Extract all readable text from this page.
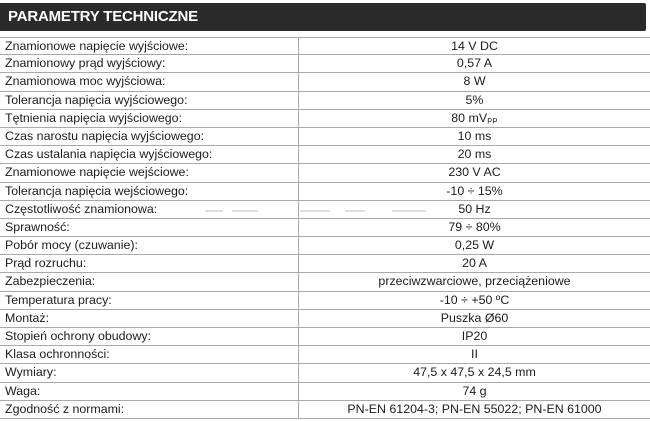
PARAMETRY TECHNICZNE
Znamionowe napięcie wyjściowe:	14 V DC
Znamionowy prąd wyjściowy:	0,57 A
Znamionowa moc wyjściowa:	8 W
Tolerancja napięcia wyjściowego:	5%
Tętnienia napięcia wyjściowego:	80 mVₚₚ
Czas narostu napięcia wyjściowego:	10 ms
Czas ustalania napięcia wyjściowego:	20 ms
Znamionowe napięcie wejściowe:	230 V AC
Tolerancja napięcia wejściowego:	-10 ÷ 15%
Częstotliwość znamionowa:	50 Hz
Sprawność:	79 ÷ 80%
Pobór mocy (czuwanie):	0,25 W
Prąd rozruchu:	20 A
Zabezpieczenia:	przeciwzwarciowe, przeciążeniowe
Temperatura pracy:	-10 ÷ +50 ºC
Montaż:	Puszka Ø60
Stopień ochrony obudowy:	IP20
Klasa ochronności:	II
Wymiary:	47,5 x 47,5 x 24,5 mm
Waga:	74 g
Zgodność z normami:	PN-EN 61204-3; PN-EN 55022; PN-EN 61000
